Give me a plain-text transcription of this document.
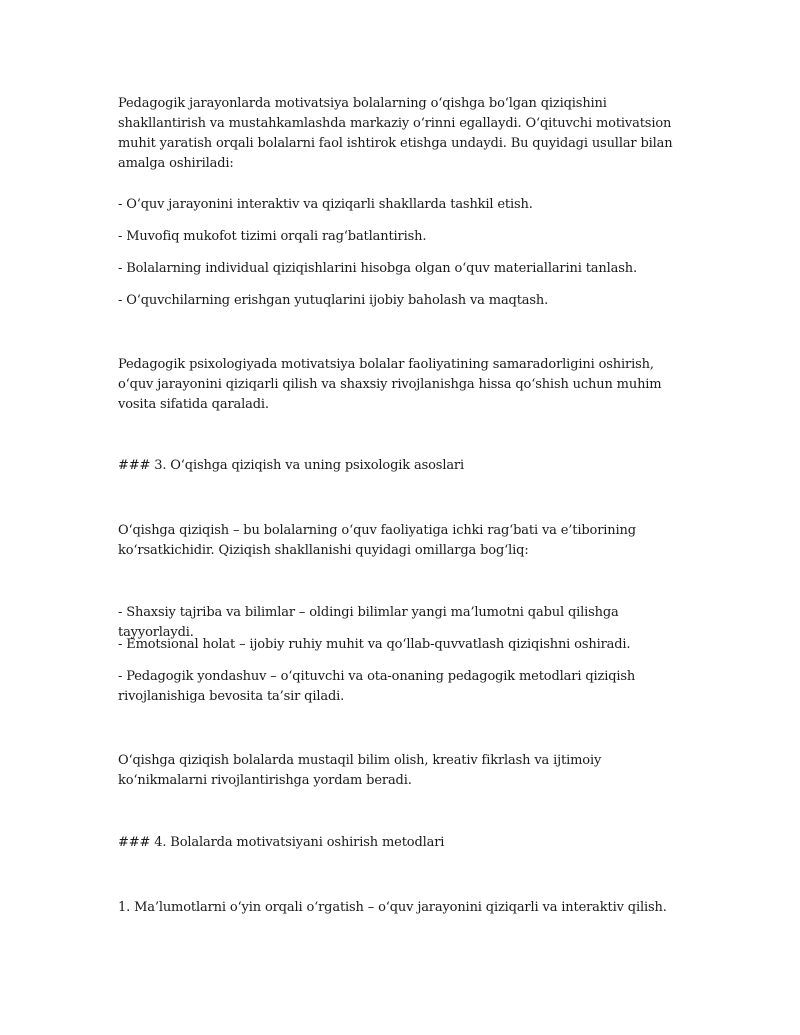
Pedagogik jarayonlarda motivatsiya bolalarning o‘qishga bo‘lgan qiziqishini shakllantirish va mustahkamlashda markaziy o‘rinni egallaydi. O‘qituvchi motivatsion muhit yaratish orqali bolalarni faol ishtirok etishga undaydi. Bu quyidagi usullar bilan amalga oshiriladi:

- O‘quv jarayonini interaktiv va qiziqarli shakllarda tashkil etish.

- Muvofiq mukofot tizimi orqali rag‘batlantirish.

- Bolalarning individual qiziqishlarini hisobga olgan o‘quv materiallarini tanlash.

- O‘quvchilarning erishgan yutuqlarini ijobiy baholash va maqtash.

Pedagogik psixologiyada motivatsiya bolalar faoliyatining samaradorligini oshirish, o‘quv jarayonini qiziqarli qilish va shaxsiy rivojlanishga hissa qo‘shish uchun muhim vosita sifatida qaraladi.

### 3. O‘qishga qiziqish va uning psixologik asoslari

O‘qishga qiziqish – bu bolalarning o‘quv faoliyatiga ichki rag‘bati va e’tiborining ko‘rsatkichidir. Qiziqish shakllanishi quyidagi omillarga bog‘liq:

- Shaxsiy tajriba va bilimlar – oldingi bilimlar yangi ma’lumotni qabul qilishga tayyorlaydi.

- Emotsional holat – ijobiy ruhiy muhit va qo‘llab-quvvatlash qiziqishni oshiradi.

- Pedagogik yondashuv – o‘qituvchi va ota-onaning pedagogik metodlari qiziqish rivojlanishiga bevosita ta’sir qiladi.

O‘qishga qiziqish bolalarda mustaqil bilim olish, kreativ fikrlash va ijtimoiy ko‘nikmalarni rivojlantirishga yordam beradi.

### 4. Bolalarda motivatsiyani oshirish metodlari

1. Ma’lumotlarni o‘yin orqali o‘rgatish – o‘quv jarayonini qiziqarli va interaktiv qilish.
